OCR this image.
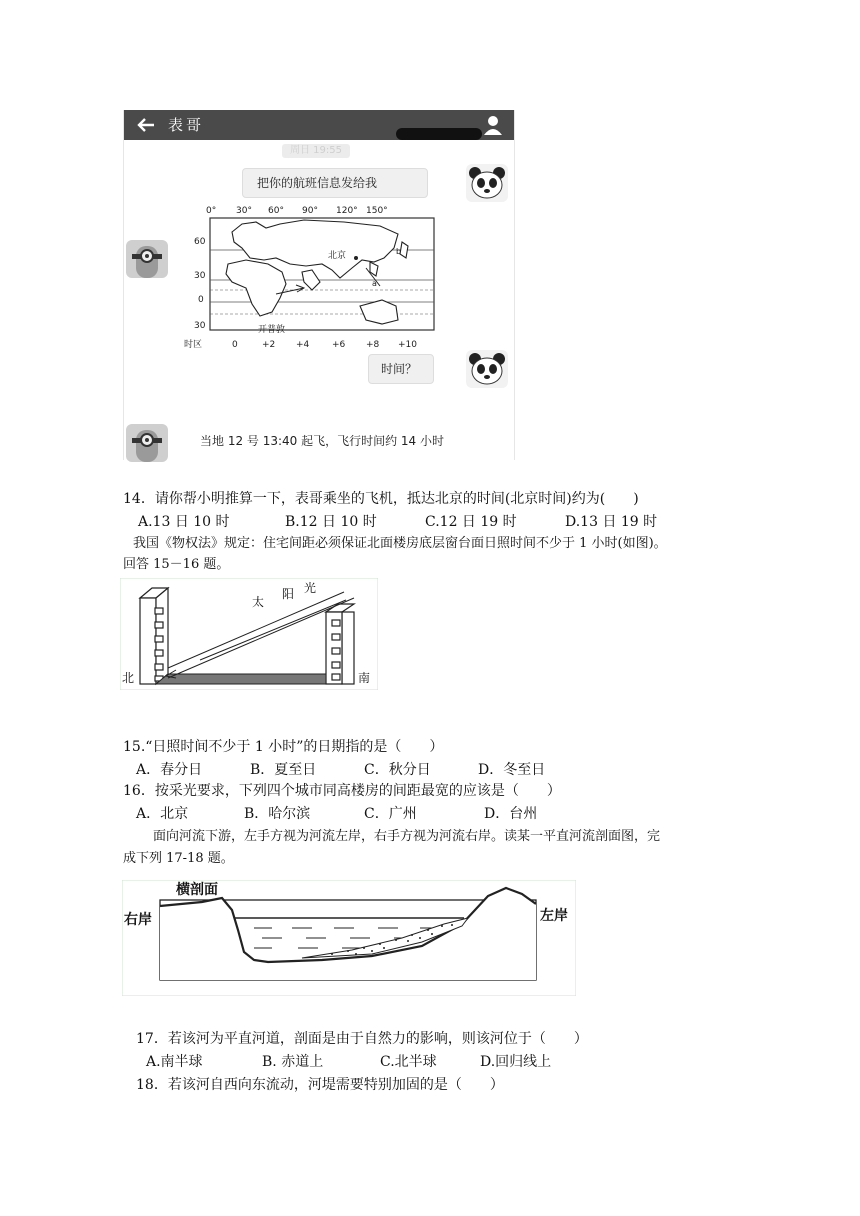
表哥
周日 19:55
把你的航班信息发给我
0° 30° 60° 90° 120° 150°
60
30
0
30
北京
开普敦
b
a
时区	0	+2 +4	+6 +8 +10
时间？
当地 12 号 13:40 起飞，飞行时间约 14 小时
14．请你帮小明推算一下，表哥乘坐的飞机，抵达北京的时间(北京时间)约为(　　)
A.13 日 10 时	B.12 日 10 时	C.12 日 19 时	D.13 日 19 时
我国《物权法》规定：住宅间距必须保证北面楼房底层窗台面日照时间不少于 1 小时(如图)。
回答 15－16 题。
太
阳 光
北	南
15.“日照时间不少于 1 小时”的日期指的是（　　）
A．春分日	B．夏至日	C．秋分日	D．冬至日
16．按采光要求，下列四个城市同高楼房的间距最宽的应该是（　　）
A．北京	B．哈尔滨	C．广州	D．台州
面向河流下游，左手方视为河流左岸，右手方视为河流右岸。读某一平直河流剖面图，完
成下列 17-18 题。
横剖面
右岸	左岸
17．若该河为平直河道，剖面是由于自然力的影响，则该河位于（　　）
A.南半球	B. 赤道上	C.北半球	D.回归线上
18．若该河自西向东流动，河堤需要特别加固的是（　　）
